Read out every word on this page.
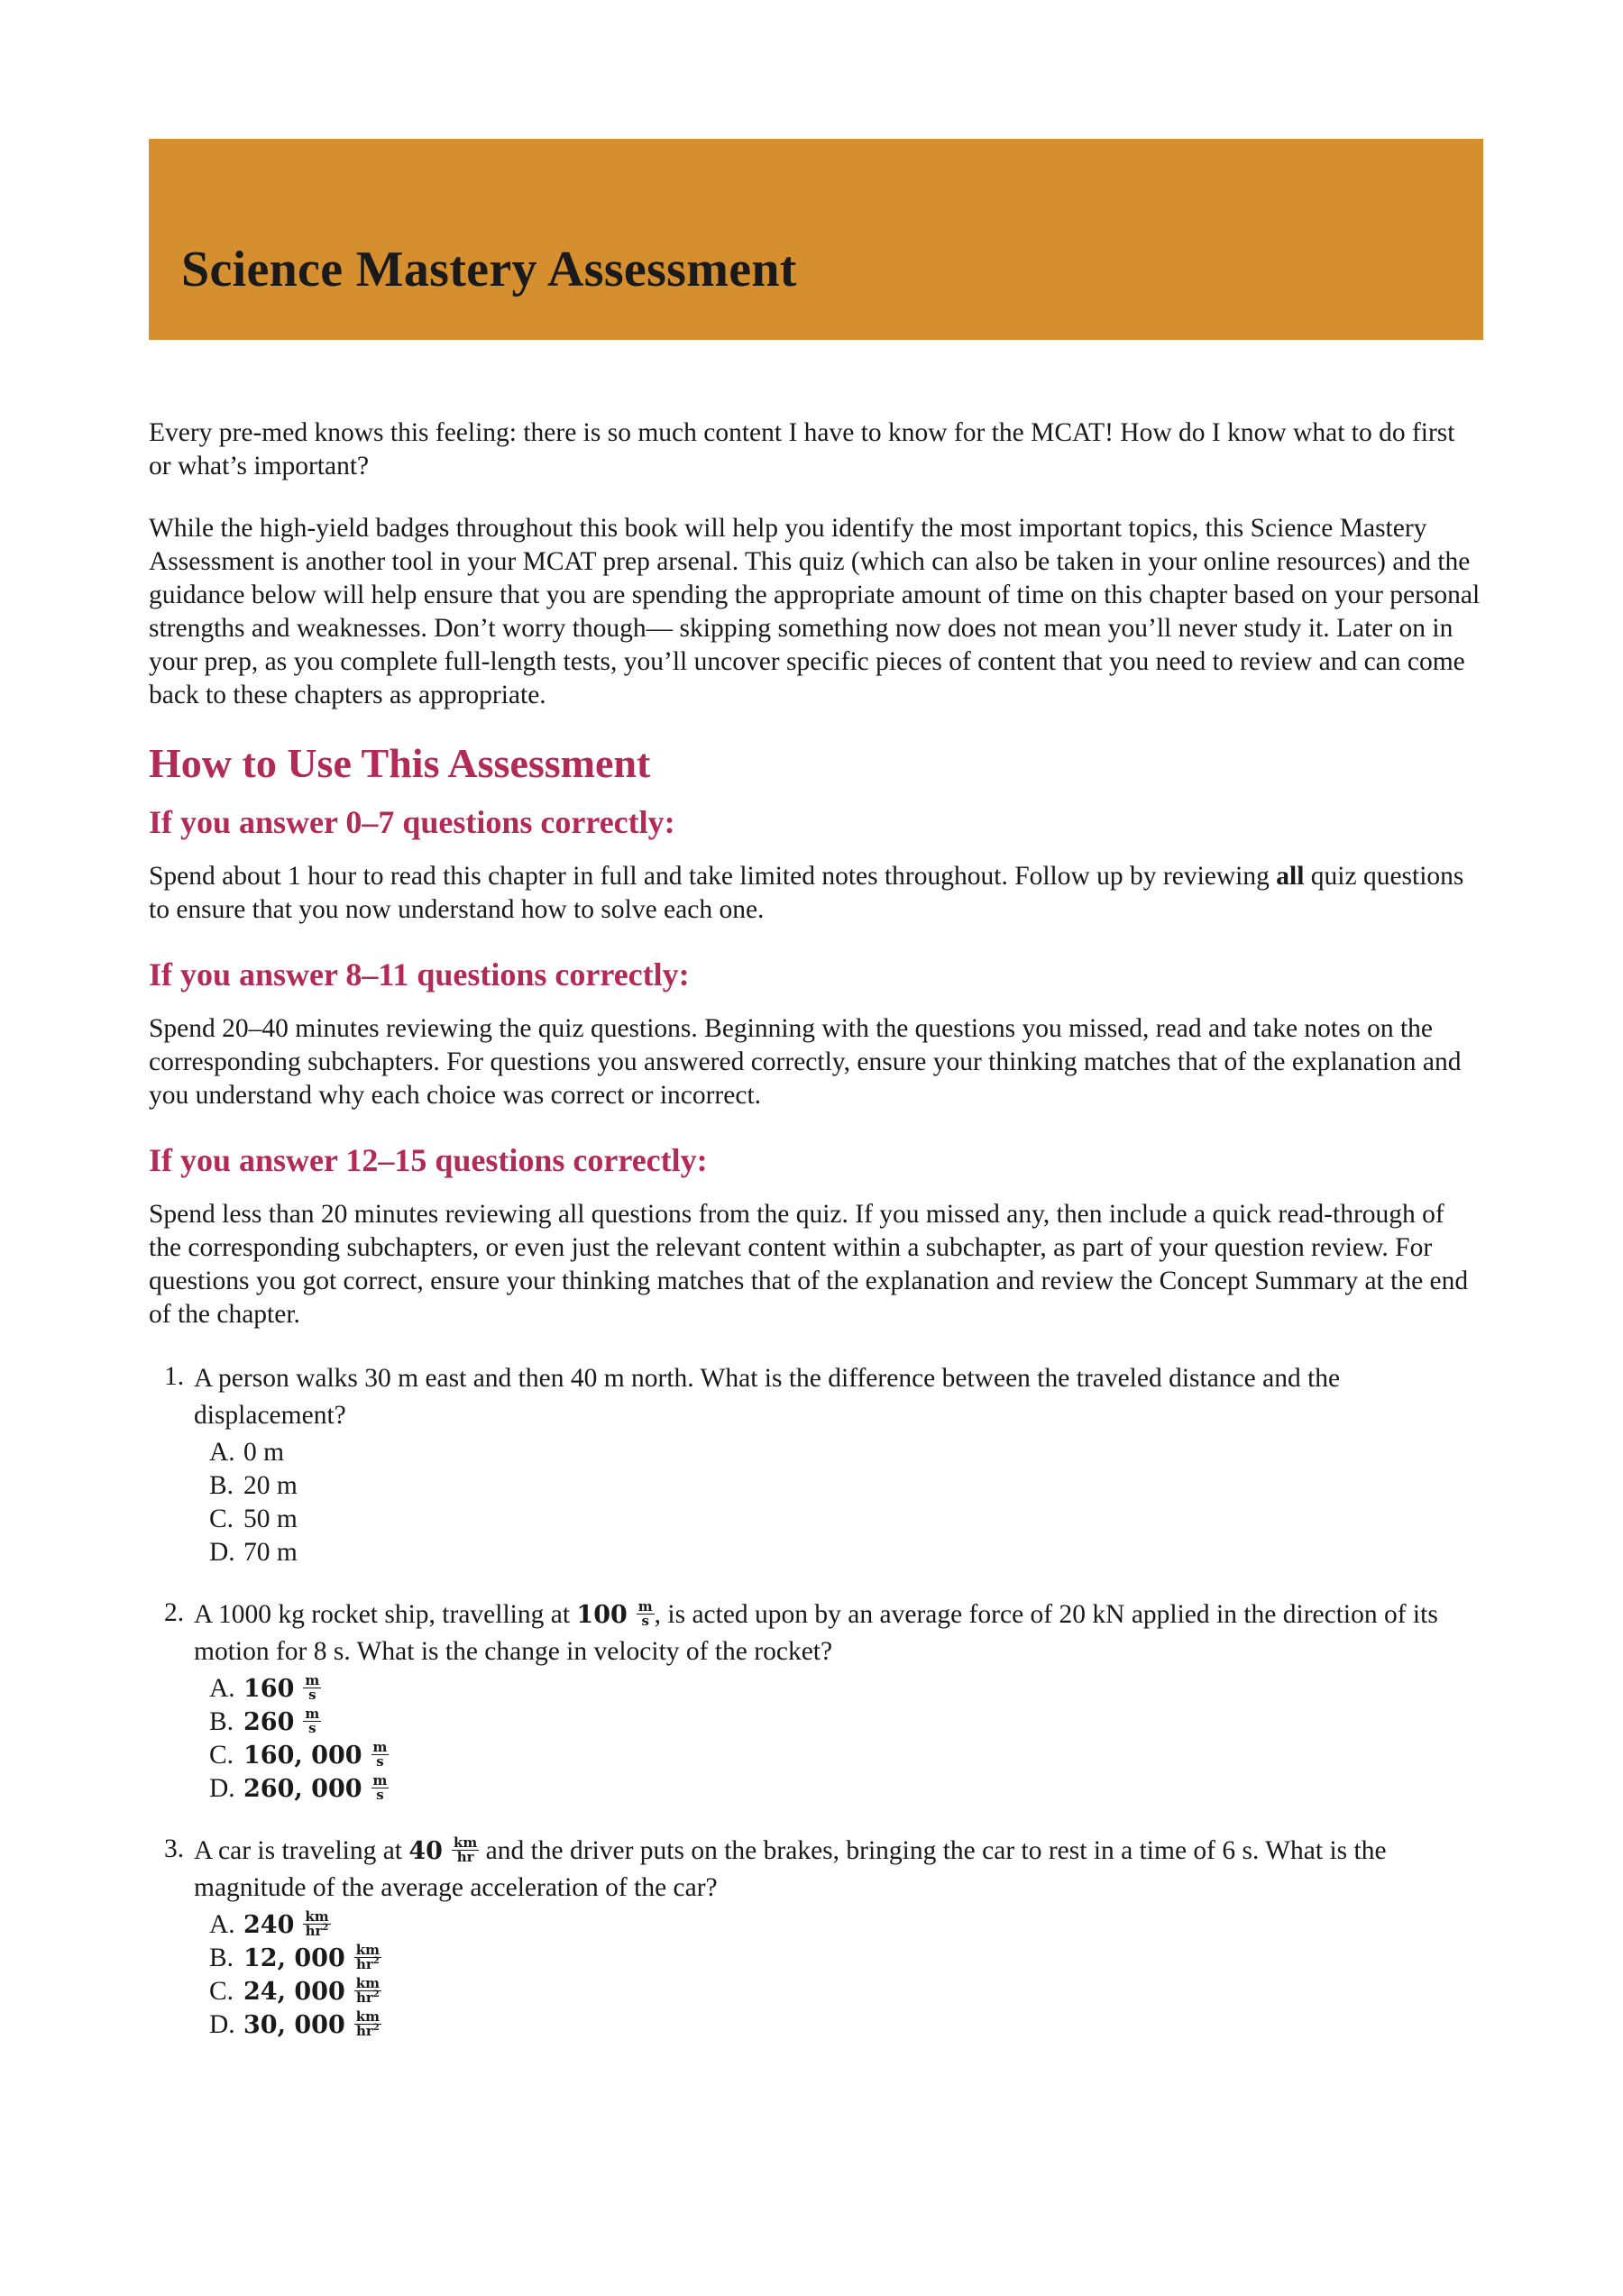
Science Mastery Assessment

Every pre-med knows this feeling: there is so much content I have to know for the MCAT! How do I know what to do first or what’s important?

While the high-yield badges throughout this book will help you identify the most important topics, this Science Mastery Assessment is another tool in your MCAT prep arsenal. This quiz (which can also be taken in your online resources) and the guidance below will help ensure that you are spending the appropriate amount of time on this chapter based on your personal strengths and weaknesses. Don’t worry though— skipping something now does not mean you’ll never study it. Later on in your prep, as you complete full-length tests, you’ll uncover specific pieces of content that you need to review and can come back to these chapters as appropriate.

How to Use This Assessment
If you answer 0–7 questions correctly:

Spend about 1 hour to read this chapter in full and take limited notes throughout. Follow up by reviewing all quiz questions to ensure that you now understand how to solve each one.

If you answer 8–11 questions correctly:

Spend 20–40 minutes reviewing the quiz questions. Beginning with the questions you missed, read and take notes on the corresponding subchapters. For questions you answered correctly, ensure your thinking matches that of the explanation and you understand why each choice was correct or incorrect.

If you answer 12–15 questions correctly:

Spend less than 20 minutes reviewing all questions from the quiz. If you missed any, then include a quick read-through of the corresponding subchapters, or even just the relevant content within a subchapter, as part of your question review. For questions you got correct, ensure your thinking matches that of the explanation and review the Concept Summary at the end of the chapter.

1. A person walks 30 m east and then 40 m north. What is the difference between the traveled distance and the displacement?
A. 0 m
B. 20 m
C. 50 m
D. 70 m
2. A 1000 kg rocket ship, travelling at $100 \frac{m}{s}$ , is acted upon by an average force of 20 kN applied in the direction of its motion for 8 s. What is the change in velocity of the rocket?
A. $160 \frac{m}{s}$
B. $260 \frac{m}{s}$
C. 160, $000 \frac{m}{s}$
D. 260, $000 \frac{m}{s}$
3. A car is traveling at $40 \frac{km}{hr}$ and the driver puts on the brakes, bringing the car to rest in a time of 6 s. What is the magnitude of the average acceleration of the car?
A. $240 \frac{km}{hr^2}$
B. 12, $000 \frac{km}{hr^2}$
C. 24, $000 \frac{km}{hr^2}$
D. 30, $000 \frac{km}{hr^2}$
